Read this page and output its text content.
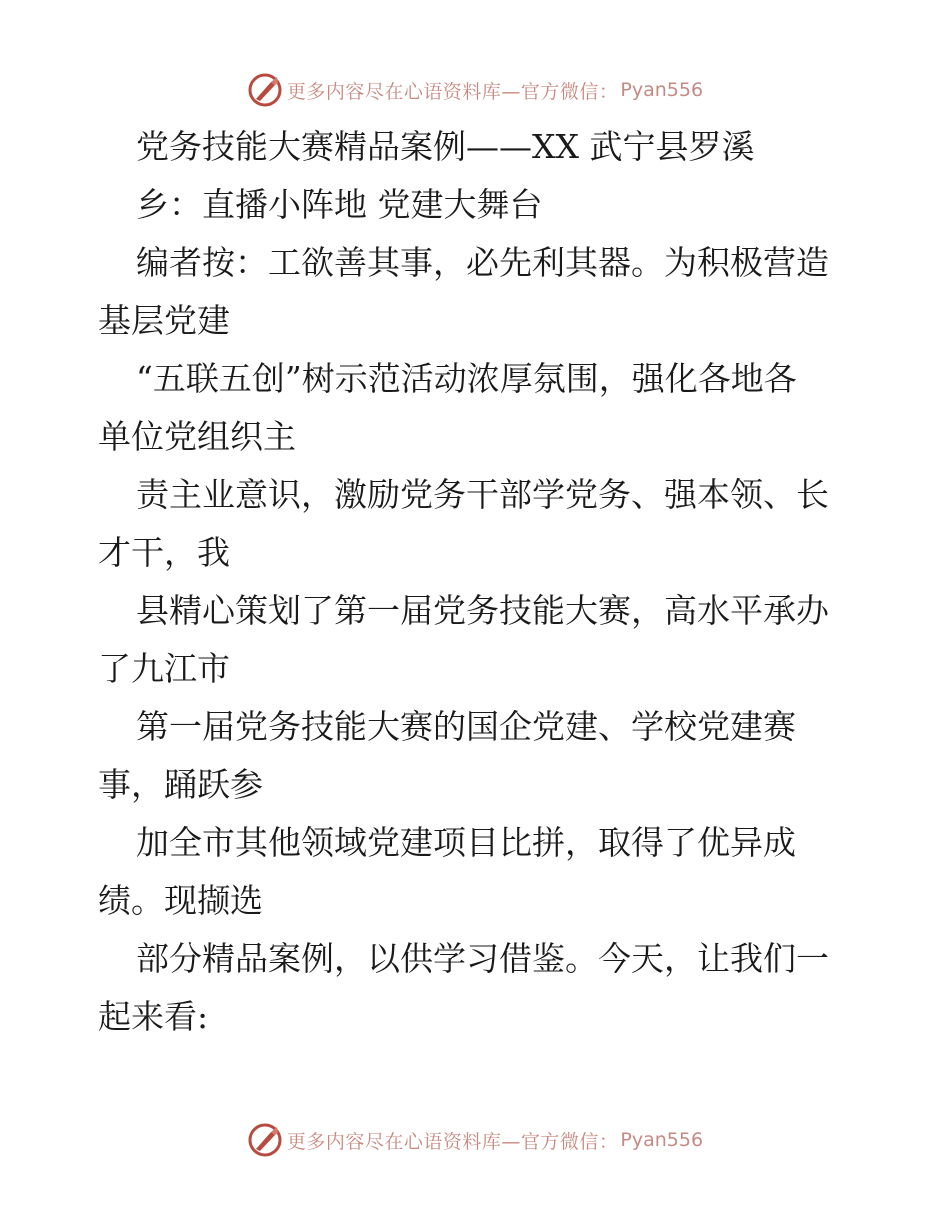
更多内容尽在心语资料库—官方微信： Pyan556
党务技能大赛精品案例——XX 武宁县罗溪
乡：直播小阵地 党建大舞台
编者按：工欲善其事，必先利其器。为积极营造
基层党建
“五联五创”树示范活动浓厚氛围，强化各地各
单位党组织主
责主业意识，激励党务干部学党务、强本领、长
才干，我
县精心策划了第一届党务技能大赛，高水平承办
了九江市
第一届党务技能大赛的国企党建、学校党建赛
事，踊跃参
加全市其他领域党建项目比拼，取得了优异成
绩。现撷选
部分精品案例，以供学习借鉴。今天，让我们一
起来看:
更多内容尽在心语资料库—官方微信： Pyan556
